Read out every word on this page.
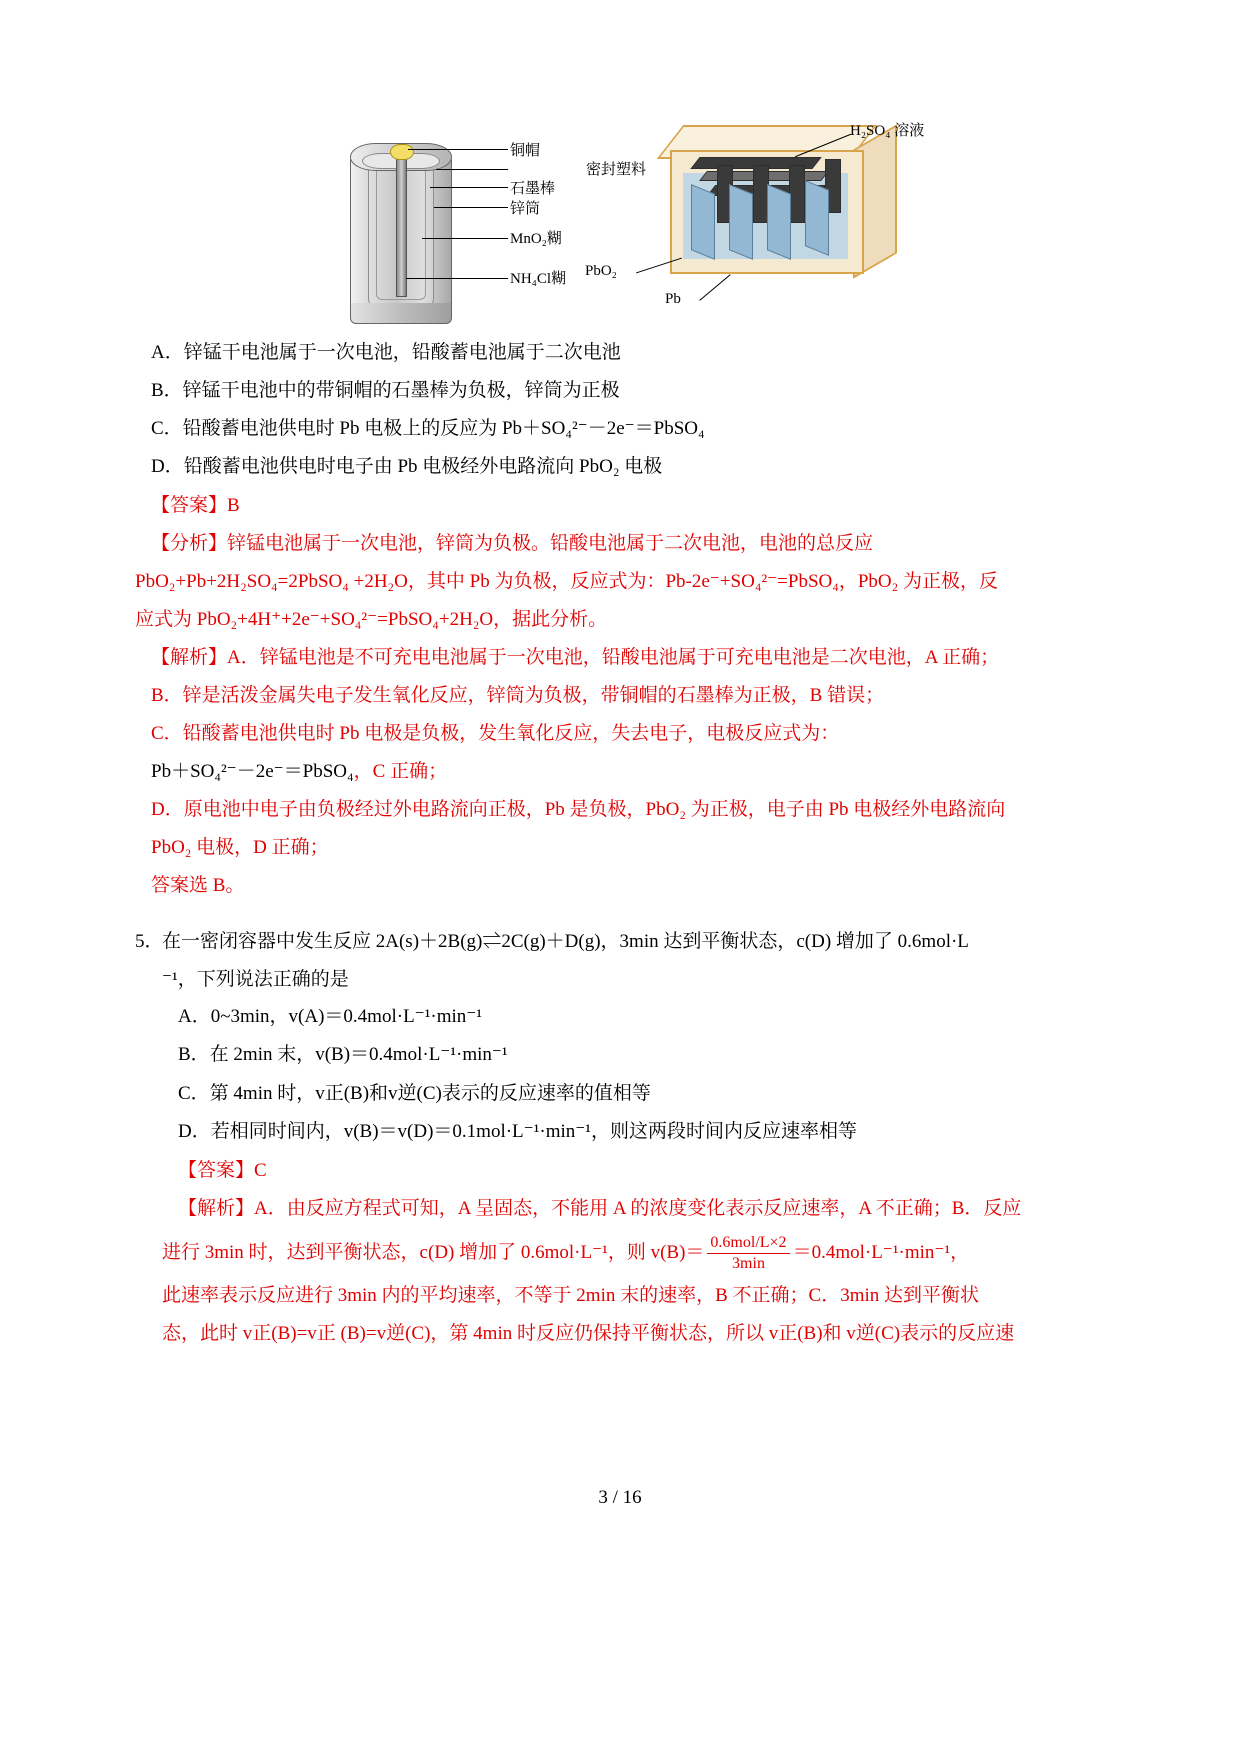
铜帽
密封塑料
石墨棒
锌筒
MnO₂糊
NH₄Cl糊
H₂SO₄ 溶液
PbO₂
Pb
A．锌锰干电池属于一次电池，铅酸蓄电池属于二次电池
B．锌锰干电池中的带铜帽的石墨棒为负极，锌筒为正极
C．铅酸蓄电池供电时 Pb 电极上的反应为 Pb＋SO₄²⁻－2e⁻＝PbSO₄
D．铅酸蓄电池供电时电子由 Pb 电极经外电路流向 PbO₂ 电极
【答案】B
【分析】锌锰电池属于一次电池，锌筒为负极。铅酸电池属于二次电池，电池的总反应
PbO₂+Pb+2H₂SO₄=2PbSO₄ +2H₂O，其中 Pb 为负极，反应式为：Pb-2e⁻+SO₄²⁻=PbSO₄，PbO₂ 为正极，反
应式为 PbO₂+4H⁺+2e⁻+SO₄²⁻=PbSO₄+2H₂O，据此分析。
【解析】A．锌锰电池是不可充电电池属于一次电池，铅酸电池属于可充电电池是二次电池，A 正确；
B．锌是活泼金属失电子发生氧化反应，锌筒为负极，带铜帽的石墨棒为正极，B 错误；
C．铅酸蓄电池供电时 Pb 电极是负极，发生氧化反应，失去电子，电极反应式为：
Pb＋SO₄²⁻－2e⁻＝PbSO₄，C 正确；
D．原电池中电子由负极经过外电路流向正极，Pb 是负极，PbO₂ 为正极，电子由 Pb 电极经外电路流向
PbO₂ 电极，D 正确；
答案选 B。
5．
在一密闭容器中发生反应 2A(s)＋2B(g)⇌2C(g)＋D(g)，3min 达到平衡状态，c(D) 增加了 0.6mol·L
⁻¹，下列说法正确的是
A．0~3min，v(A)＝0.4mol·L⁻¹·min⁻¹
B．在 2min 末，v(B)＝0.4mol·L⁻¹·min⁻¹
C．第 4min 时，v正(B)和v逆(C)表示的反应速率的值相等
D．若相同时间内，v(B)＝v(D)＝0.1mol·L⁻¹·min⁻¹，则这两段时间内反应速率相等
【答案】C
【解析】A．由反应方程式可知，A 呈固态，不能用 A 的浓度变化表示反应速率，A 不正确；B．反应
进行 3min 时，达到平衡状态，c(D) 增加了 0.6mol·L⁻¹，则 $v(B)= \frac{\text{0.6mol/L×2}}{3\min} =0.4mol\cdot L^{-1}\cdot\min^{-1}$，
此速率表示反应进行 3min 内的平均速率，不等于 2min 末的速率，B 不正确；C．3min 达到平衡状
态，此时 v正(B)=v正 (B)=v逆(C)，第 4min 时反应仍保持平衡状态，所以 v正(B)和 v逆(C)表示的反应速
3 / 16
